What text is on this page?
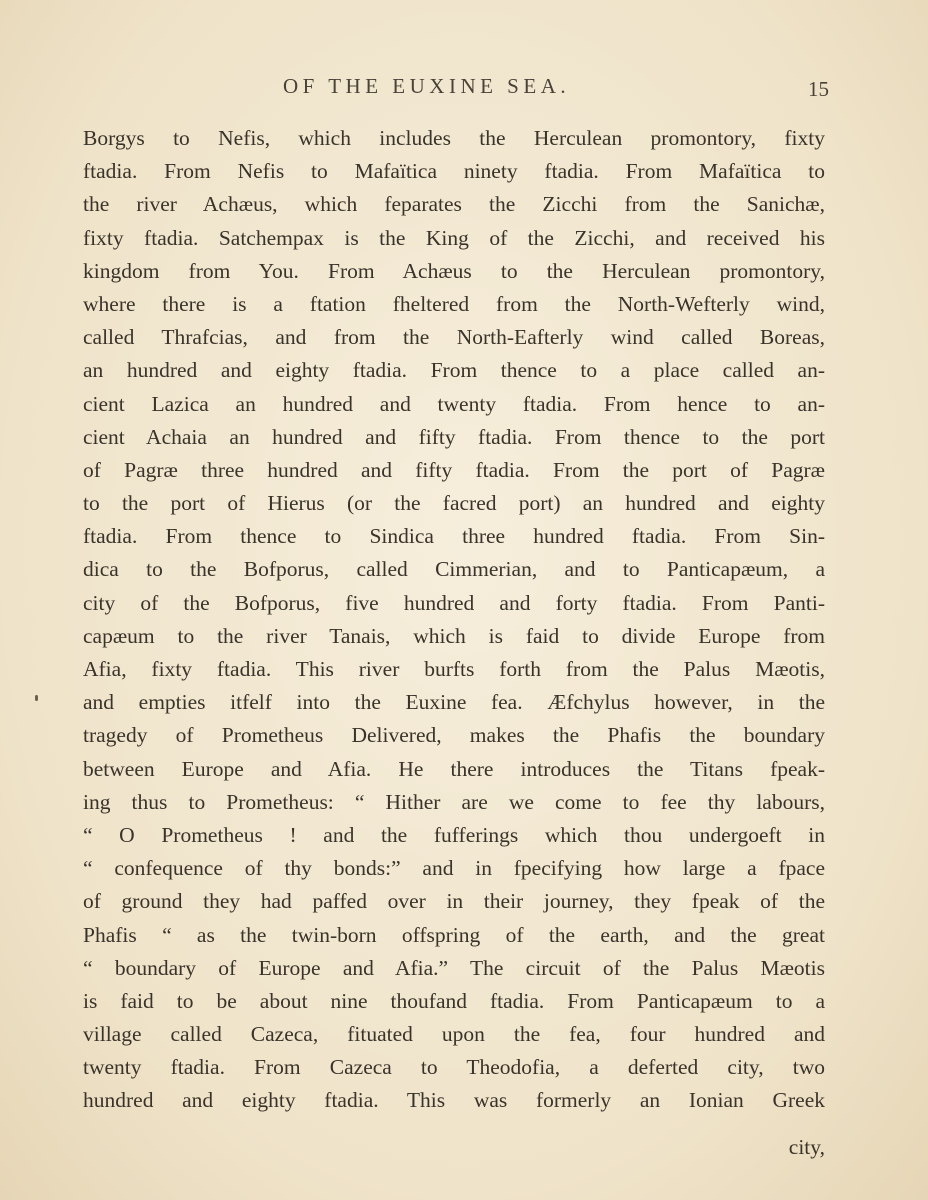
OF THE EUXINE SEA.	15
Borgys to Nefis, which includes the Herculean promontory, fixty
ftadia. From Nefis to Mafaïtica ninety ftadia. From Mafaïtica to
the river Achæus, which feparates the Zicchi from the Sanichæ,
fixty ftadia. Satchempax is the King of the Zicchi, and received his
kingdom from You. From Achæus to the Herculean promontory,
where there is a ftation fheltered from the North-Wefterly wind,
called Thrafcias, and from the North-Eafterly wind called Boreas,
an hundred and eighty ftadia. From thence to a place called an-
cient Lazica an hundred and twenty ftadia. From hence to an-
cient Achaia an hundred and fifty ftadia. From thence to the port
of Pagræ three hundred and fifty ftadia. From the port of Pagræ
to the port of Hierus (or the facred port) an hundred and eighty
ftadia. From thence to Sindica three hundred ftadia. From Sin-
dica to the Bofporus, called Cimmerian, and to Panticapæum, a
city of the Bofporus, five hundred and forty ftadia. From Panti-
capæum to the river Tanais, which is faid to divide Europe from
Afia, fixty ftadia. This river burfts forth from the Palus Mæotis,
and empties itfelf into the Euxine fea. Æfchylus however, in the
tragedy of Prometheus Delivered, makes the Phafis the boundary
between Europe and Afia. He there introduces the Titans fpeak-
ing thus to Prometheus: “ Hither are we come to fee thy labours,
“ O Prometheus ! and the fufferings which thou undergoeft in
“ confequence of thy bonds:” and in fpecifying how large a fpace
of ground they had paffed over in their journey, they fpeak of the
Phafis “ as the twin-born offspring of the earth, and the great
“ boundary of Europe and Afia.” The circuit of the Palus Mæotis
is faid to be about nine thoufand ftadia. From Panticapæum to a
village called Cazeca, fituated upon the fea, four hundred and
twenty ftadia. From Cazeca to Theodofia, a deferted city, two
hundred and eighty ftadia. This was formerly an Ionian Greek
city,
